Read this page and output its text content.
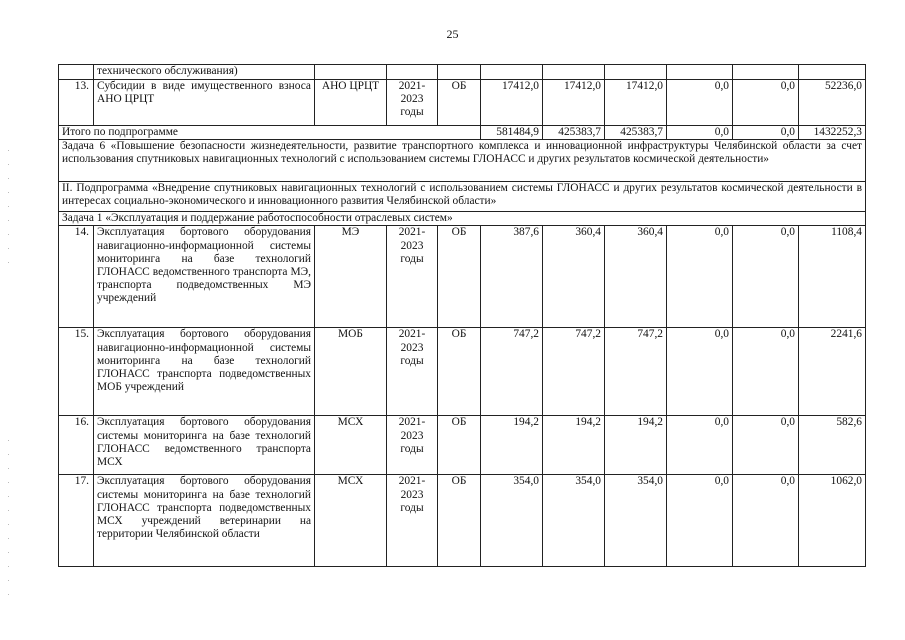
25
	технического обслуживания)									
13.	Субсидии в виде имущественного взноса АНО ЦРЦТ	АНО ЦРЦТ	2021-2023 годы	ОБ	17412,0	17412,0	17412,0	0,0	0,0	52236,0
Итого по подпрограмме					581484,9	425383,7	425383,7	0,0	0,0	1432252,3
Задача 6 «Повышение безопасности жизнедеятельности, развитие транспортного комплекса и инновационной инфраструктуры Челябинской области за счет использования спутниковых навигационных технологий с использованием системы ГЛОНАСС и других результатов космической деятельности»										
II. Подпрограмма «Внедрение спутниковых навигационных технологий с использованием системы ГЛОНАСС и других результатов космической деятельности в интересах социально-экономического и инновационного развития Челябинской области»										
Задача 1 «Эксплуатация и поддержание работоспособности отраслевых систем»										
14.	Эксплуатация бортового оборудования навигационно-информационной системы мониторинга на базе технологий ГЛОНАСС ведомственного транспорта МЭ, транспорта подведомственных МЭ учреждений	МЭ	2021-2023 годы	ОБ	387,6	360,4	360,4	0,0	0,0	1108,4
15.	Эксплуатация бортового оборудования навигационно-информационной системы мониторинга на базе технологий ГЛОНАСС транспорта подведомственных МОБ учреждений	МОБ	2021-2023 годы	ОБ	747,2	747,2	747,2	0,0	0,0	2241,6
16.	Эксплуатация бортового оборудования системы мониторинга на базе технологий ГЛОНАСС ведомственного транспорта МСХ	МСХ	2021-2023 годы	ОБ	194,2	194,2	194,2	0,0	0,0	582,6
17.	Эксплуатация бортового оборудования системы мониторинга на базе технологий ГЛОНАСС транспорта подведомственных МСХ учреждений ветеринарии на территории Челябинской области	МСХ	2021-2023 годы	ОБ	354,0	354,0	354,0	0,0	0,0	1062,0
